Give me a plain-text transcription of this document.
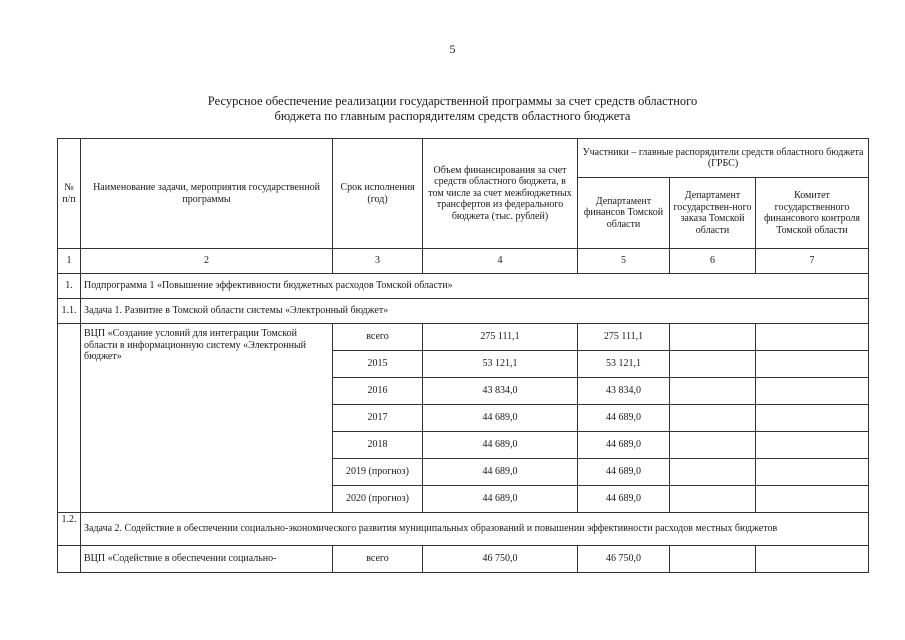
5
Ресурсное обеспечение реализации государственной программы за счет средств областного
бюджета по главным распорядителям средств областного бюджета
№ п/п	Наименование задачи, мероприятия государственной программы	Срок исполнения (год)	Объем финансирования за счет средств областного бюджета, в том числе за счет межбюджетных трансфертов из федерального бюджета (тыс. рублей)	Участники – главные распорядители средств областного бюджета (ГРБС)		
				Департамент финансов Томской области	Департамент государствен-ного заказа Томской области	Комитет государственного финансового контроля Томской области
1	2	3	4	5	6	7
1.	Подпрограмма 1 «Повышение эффективности бюджетных расходов Томской области»					
1.1.	Задача 1. Развитие в Томской области системы «Электронный бюджет»					
	ВЦП «Создание условий для интеграции Томской области в информационную систему «Электронный бюджет»	всего	275 111,1	275 111,1		
		2015	53 121,1	53 121,1		
		2016	43 834,0	43 834,0		
		2017	44 689,0	44 689,0		
		2018	44 689,0	44 689,0		
		2019 (прогноз)	44 689,0	44 689,0		
		2020 (прогноз)	44 689,0	44 689,0		
1.2.	Задача 2. Содействие в обеспечении социально-экономического развития муниципальных образований и повышении эффективности расходов местных бюджетов					
	ВЦП «Содействие в обеспечении социально-	всего	46 750,0	46 750,0		
